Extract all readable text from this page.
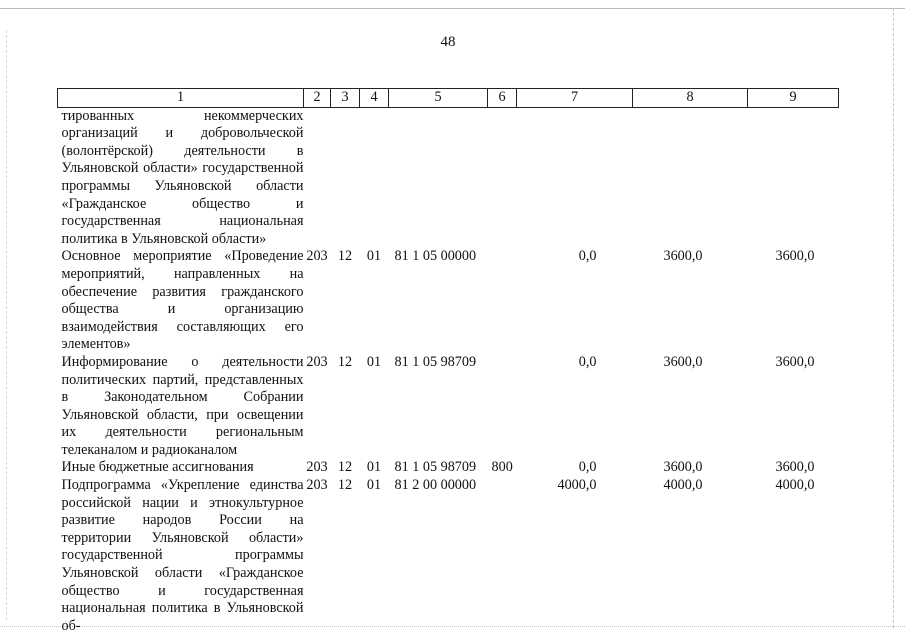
48
1	2	3	4	5	6	7	8	9
тированных некоммерческих организаций и добровольческой (волонтёрской) деятельности в Ульяновской области» государственной программы Ульяновской области «Гражданское общество и государственная национальная политика в Ульяновской области»								
Основное мероприятие «Проведение мероприятий, направленных на обеспечение развития гражданского общества и организацию взаимодействия составляющих его элементов»	203	12	01	81 1 05 00000		0,0	3600,0	3600,0
Информирование о деятельности политических партий, представленных в Законодательном Собрании Ульяновской области, при освещении их деятельности региональным телеканалом и радиоканалом	203	12	01	81 1 05 98709		0,0	3600,0	3600,0
Иные бюджетные ассигнования	203	12	01	81 1 05 98709	800	0,0	3600,0	3600,0
Подпрограмма «Укрепление единства российской нации и этнокультурное развитие народов России на территории Ульяновской области» государственной программы Ульяновской области «Гражданское общество и государственная национальная политика в Ульяновской об-	203	12	01	81 2 00 00000		4000,0	4000,0	4000,0
